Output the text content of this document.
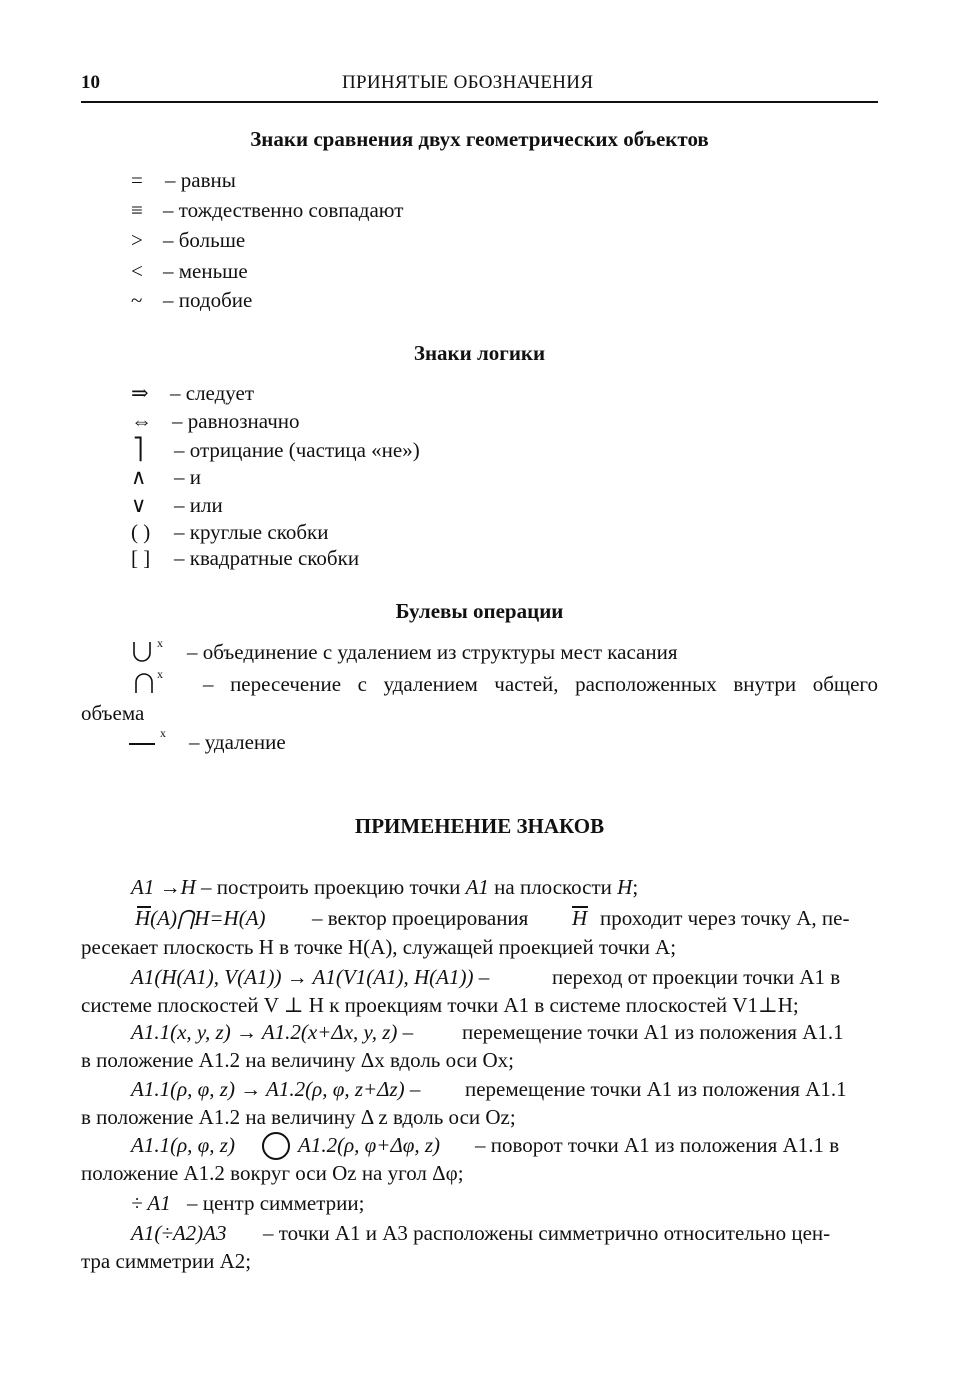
10	ПРИНЯТЫЕ ОБОЗНАЧЕНИЯ
Знаки сравнения двух геометрических объектов
= – равны
≡ – тождественно совпадают
> – больше
< – меньше
~ – подобие
Знаки логики
⇒ – следует
⇔ – равнозначно
⎤ – отрицание (частица «не»)
∧ – и
∨ – или
( ) – круглые скобки
[ ] – квадратные скобки
Булевы операции
x – объединение с удалением из структуры мест касания
x – пересечение с удалением частей, расположенных внутри общего
объема
x – удаление
ПРИМЕНЕНИЕ ЗНАКОВ
A1 →H – построить проекцию точки A1 на плоскости H;
H(A)⋂H=H(A) – вектор проецирования H проходит через точку A, пе-
ресекает плоскость H в точке H(A), служащей проекцией точки A;
A1(H(A1), V(A1)) → A1(V1(A1), H(A1)) –	переход от проекции точки A1 в
системе плоскостей V ⊥ H к проекциям точки A1 в системе плоскостей V1⊥H;
A1.1(x, y, z) → A1.2(x+Δx, y, z) – перемещение точки A1 из положения A1.1
в положение A1.2 на величину Δx вдоль оси Ox;
A1.1(ρ, φ, z) → A1.2(ρ, φ, z+Δz) – перемещение точки A1 из положения A1.1
в положение A1.2 на величину Δ z вдоль оси Oz;
A1.1(ρ, φ, z)	A1.2(ρ, φ+Δφ, z) – поворот точки A1 из положения A1.1 в
положение A1.2 вокруг оси Oz на угол Δφ;
÷ A1 – центр симметрии;
A1(÷A2)A3 – точки A1 и A3 расположены симметрично относительно цен-
тра симметрии A2;
